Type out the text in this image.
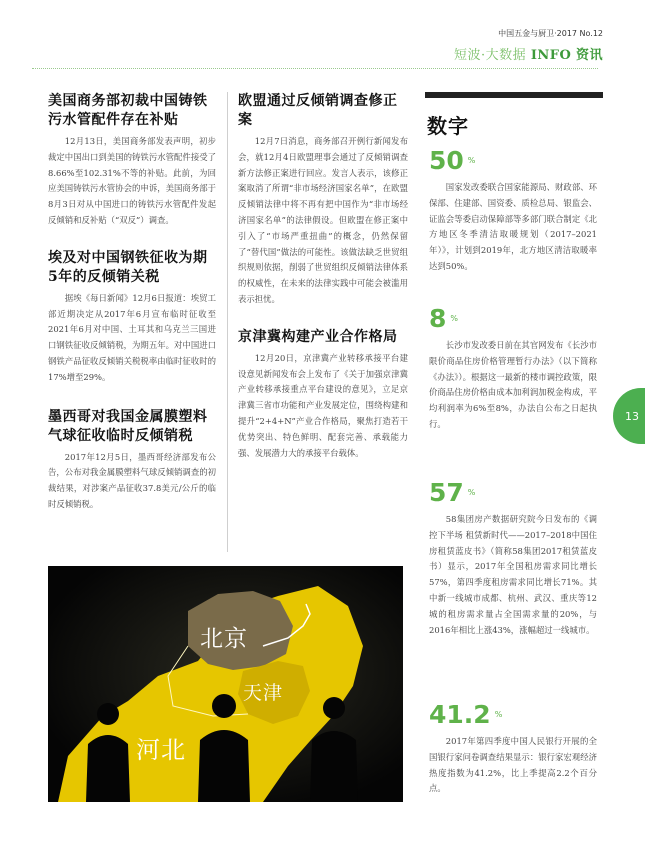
中国五金与厨卫·2017 No.12
短波·大数据 INFO 资讯
美国商务部初裁中国铸铁污水管配件存在补贴

12月13日，美国商务部发表声明，初步裁定中国出口到美国的铸铁污水管配件接受了8.66%至102.31%不等的补贴。此前，为回应美国铸铁污水管协会的申诉，美国商务部于8月3日对从中国进口的铸铁污水管配件发起反倾销和反补贴（“双反”）调查。

埃及对中国钢铁征收为期5年的反倾销关税

据埃《每日新闻》12月6日报道：埃贸工部近期决定从2017年6月宣布临时征收至2021年6月对中国、土耳其和乌克兰三国进口钢铁征收反倾销税，为期五年。对中国进口钢铁产品征收反倾销关税税率由临时征收时的17%增至29%。

墨西哥对我国金属膜塑料气球征收临时反倾销税

2017年12月5日，墨西哥经济部发布公告，公布对我金属膜塑料气球反倾销调查的初裁结果，对涉案产品征收37.8美元/公斤的临时反倾销税。

欧盟通过反倾销调查修正案

12月7日消息，商务部召开例行新闻发布会，就12月4日欧盟理事会通过了反倾销调查新方法修正案进行回应。发言人表示，该修正案取消了所谓“非市场经济国家名单”，在欧盟反倾销法律中将不再有把中国作为“非市场经济国家名单”的法律假设。但欧盟在修正案中引入了“市场严重扭曲”的概念，仍然保留了“替代国”做法的可能性。该做法缺乏世贸组织规则依据，削弱了世贸组织反倾销法律体系的权威性，在未来的法律实践中可能会被滥用表示担忧。

京津冀构建产业合作格局

12月20日，京津冀产业转移承接平台建设意见新闻发布会上发布了《关于加强京津冀产业转移承接重点平台建设的意见》，立足京津冀三省市功能和产业发展定位，围绕构建和提升“2+4+N”产业合作格局，聚焦打造若干优势突出、特色鲜明、配套完善、承载能力强、发展潜力大的承接平台载体。

数字
50 %

国家发改委联合国家能源局、财政部、环保部、住建部、国资委、质检总局、银监会、证监会等委启动保障部等多部门联合制定《北方地区冬季清洁取暖规划（2017–2021年）》，计划到2019年，北方地区清洁取暖率达到50%。

8 %

长沙市发改委日前在其官网发布《长沙市限价商品住房价格管理暂行办法》（以下简称《办法》）。根据这一最新的楼市调控政策，限价商品住房价格由成本加利润加税金构成，平均利润率为6%至8%，办法自公布之日起执行。

57 %

58集团房产数据研究院今日发布的《调控下半场 租赁新时代——2017–2018中国住房租赁蓝皮书》（简称58集团2017租赁蓝皮书）显示，2017年全国租房需求同比增长57%，第四季度租房需求同比增长71%。其中新一线城市成都、杭州、武汉、重庆等12城的租房需求量占全国需求量的20%，与2016年相比上涨43%，涨幅超过一线城市。

41.2 %

2017年第四季度中国人民银行开展的全国银行家问卷调查结果显示：银行家宏观经济热度指数为41.2%，比上季提高2.2个百分点。

13
北京
天津
河北
